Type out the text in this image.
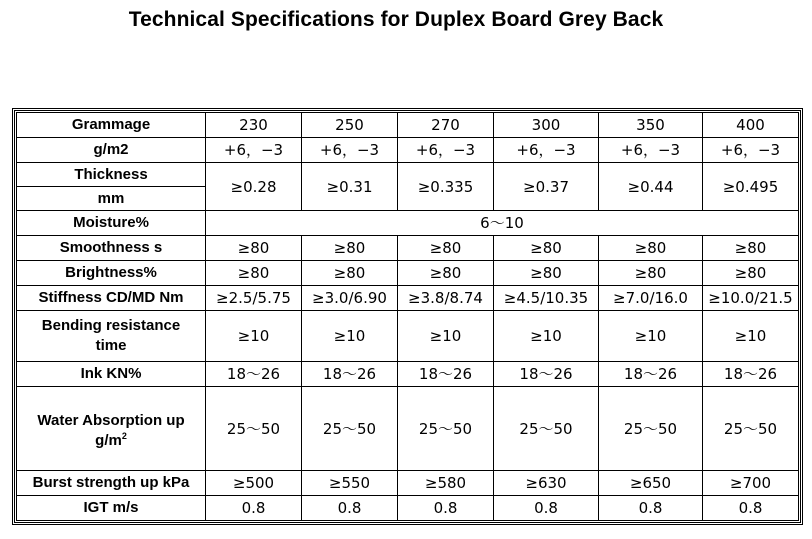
Technical Specifications for Duplex Board Grey Back
Grammage	230	250	270	300	350	400
g/m2	+6，−3	+6，−3	+6，−3	+6，−3	+6，−3	+6，−3
Thickness	≥0.28	≥0.31	≥0.335	≥0.37	≥0.44	≥0.495
mm						
Moisture%	6～10					
Smoothness s	≥80	≥80	≥80	≥80	≥80	≥80
Brightness%	≥80	≥80	≥80	≥80	≥80	≥80
Stiffness CD/MD Nm	≥2.5/5.75	≥3.0/6.90	≥3.8/8.74	≥4.5/10.35	≥7.0/16.0	≥10.0/21.5

Bending resistance
time	≥10	≥10	≥10	≥10	≥10	≥10
Ink KN%	18～26	18～26	18～26	18～26	18～26	18～26

Water Absorption up
$g/m^2$	25～50	25～50	25～50	25～50	25～50	25～50
Burst strength up kPa	≥500	≥550	≥580	≥630	≥650	≥700
IGT m/s	0.8	0.8	0.8	0.8	0.8	0.8
